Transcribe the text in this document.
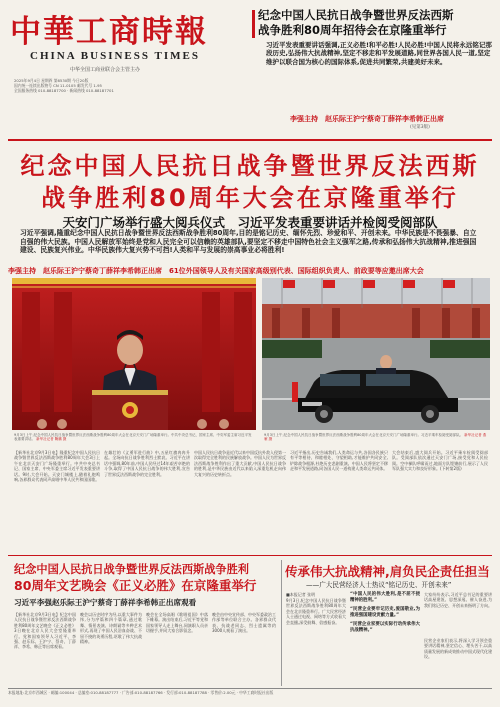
中華工商時報
CHINA BUSINESS TIMES
中华全国工商业联合会主管主办
2025年9月4日 星期四 第6530期 今日20版
国内统一连续出版物号 CN 11-0105 邮发代号 1-95
全国服务热线 010-88187700 · 新闻热线 010-88187701
纪念中国人民抗日战争暨世界反法西斯
战争胜利80周年招待会在京隆重举行
习近平发表重要讲话强调,正义必胜!和平必胜!人民必胜!中国人民将永远铭记那段历史,弘扬伟大抗战精神,坚定不移走和平发展道路,同世界各国人民一道,坚定维护以联合国为核心的国际体系,促进共同繁荣,共建美好未来。
李强主持　赵乐际王沪宁蔡奇丁薛祥李希韩正出席
(见第3版)
纪念中国人民抗日战争暨世界反法西斯
战争胜利80周年大会在京隆重举行
天安门广场举行盛大阅兵仪式　习近平发表重要讲话并检阅受阅部队
习近平强调,隆重纪念中国人民抗日战争暨世界反法西斯战争胜利80周年,目的是铭记历史、缅怀先烈、珍爱和平、开创未来。中华民族是不畏强暴、自立自强的伟大民族。中国人民解放军始终是党和人民完全可以信赖的英雄部队,要坚定不移走中国特色社会主义强军之路,传承和弘扬伟大抗战精神,推进强国建设、民族复兴伟业。中华民族伟大复兴势不可挡!人类和平与发展的崇高事业必将胜利!
李强主持　赵乐际王沪宁蔡奇丁薛祥李希韩正出席　61位外国领导人及有关国家高级别代表、国际组织负责人、前政要等应邀出席大会
9月3日上午,纪念中国人民抗日战争暨世界反法西斯战争胜利80周年大会在北京天安门广场隆重举行。中共中央总书记、国家主席、中央军委主席习近平发表重要讲话。 新华社记者 鞠鹏 摄
9月3日上午,纪念中国人民抗日战争暨世界反法西斯战争胜利80周年大会在北京天安门广场隆重举行。习近平乘车检阅受阅部队。 新华社记者 燕雁 摄
【新华社北京9月3日电】隆重纪念中国人民抗日战争暨世界反法西斯战争胜利80周年大会3日上午在北京天安门广场隆重举行。中共中央总书记、国家主席、中央军委主席习近平发表重要讲话。9时,大会开始。天安门城楼上,随着礼炮鸣响,各界群众代表同声高唱中华人民共和国国歌。
在雄壮的《义勇军进行曲》中,五星红旗冉冉升起。全场向抗日战争胜利烈士默哀。习近平在讲话中强调,80年前,中国人民经过14年艰苦卓绝的斗争,取得了中国人民抗日战争的伟大胜利,宣告了世界反法西斯战争的完全胜利。
中国人民抗日战争是近代以来中国反抗外敌入侵第一次取得完全胜利的民族解放战争。中国人民为世界反法西斯战争胜利作出了重大贡献,中国人民抗日战争的胜利,是中华民族由近代以来陷入深重危机走向伟大复兴的历史转折点。
习近平指出,历史告诫我们,人类命运与共,各国各民族只有平等相待、和睦相处、守望相助,才能维护共同安全,铲除战争根源,杜绝历史悲剧重演。中国人民将坚定不移走和平发展道路,同各国人民一道构建人类命运共同体。
大会结束后,盛大阅兵开始。习近平乘车检阅受阅部队。受阅部队依次通过天安门广场,接受党和人民检阅。空中梯队呼啸而过,地面方队铿锵前行,展示了人民军队强大实力和良好形象。(下转第2版)
纪念中国人民抗日战争暨世界反法西斯战争胜利
80周年文艺晚会《正义必胜》在京隆重举行
习近平李强赵乐际王沪宁蔡奇丁薛祥李希韩正出席观看
【新华社北京9月3日电】纪念中国人民抗日战争暨世界反法西斯战争胜利80周年文艺晚会《正义必胜》3日晚在北京人民大会堂隆重举行。党和国家领导人习近平、李强、赵乐际、王沪宁、蔡奇、丁薛祥、李希、韩正等出席观看。
晚会以历史时序为经,以重大事件为纬,分为序篇和四个篇章,通过歌舞、情景表演、诗朗诵等多种艺术形式,再现了中国人民浴血奋战、不屈不挠的英勇历程,讴歌了伟大抗战精神。
晚会在全场高唱《歌唱祖国》中落下帷幕。演出结束后,习近平等党和国家领导人走上舞台,同演职人员亲切握手,并同大家合影留念。
晚会由中央宣传部、中央军委政治工作部等单位联合主办。各界群众代表、抗战老同志、烈士遗属等约3000人观看了演出。
传承伟大抗战精神,肩负民企责任担当
——广大民营经济人士热议“铭记历史、开创未来”
■本报记者 张明
9月3日,纪念中国人民抗日战争暨世界反法西斯战争胜利80周年大会在北京隆重举行。广大民营经济人士通过电视、网络等方式收看大会直播,深受鼓舞、倍感振奋。
“中国人民的伟大胜利,是不屈不挠精神的胜利。”
“民营企业要牢记历史,爱国敬业,为推进强国建设贡献力量。”
“民营企业家要以实际行动传承伟大抗战精神。”
大家纷纷表示,习近平总书记的重要讲话高屋建瓴、思想深邃、催人奋进,为我们铭记历史、开创未来指明了方向。
民营企业家们表示,将深入学习领会重要讲话精神,坚定信心、埋头苦干,以高质量发展的新成效推动中国式现代化建设。
本报地址:北京市西城区 · 邮编:100044 · 总编室:010-88187777 · 广告部:010-88187766 · 发行部:010-88187788 · 零售价:2.00元 · 中华工商时报社出版
